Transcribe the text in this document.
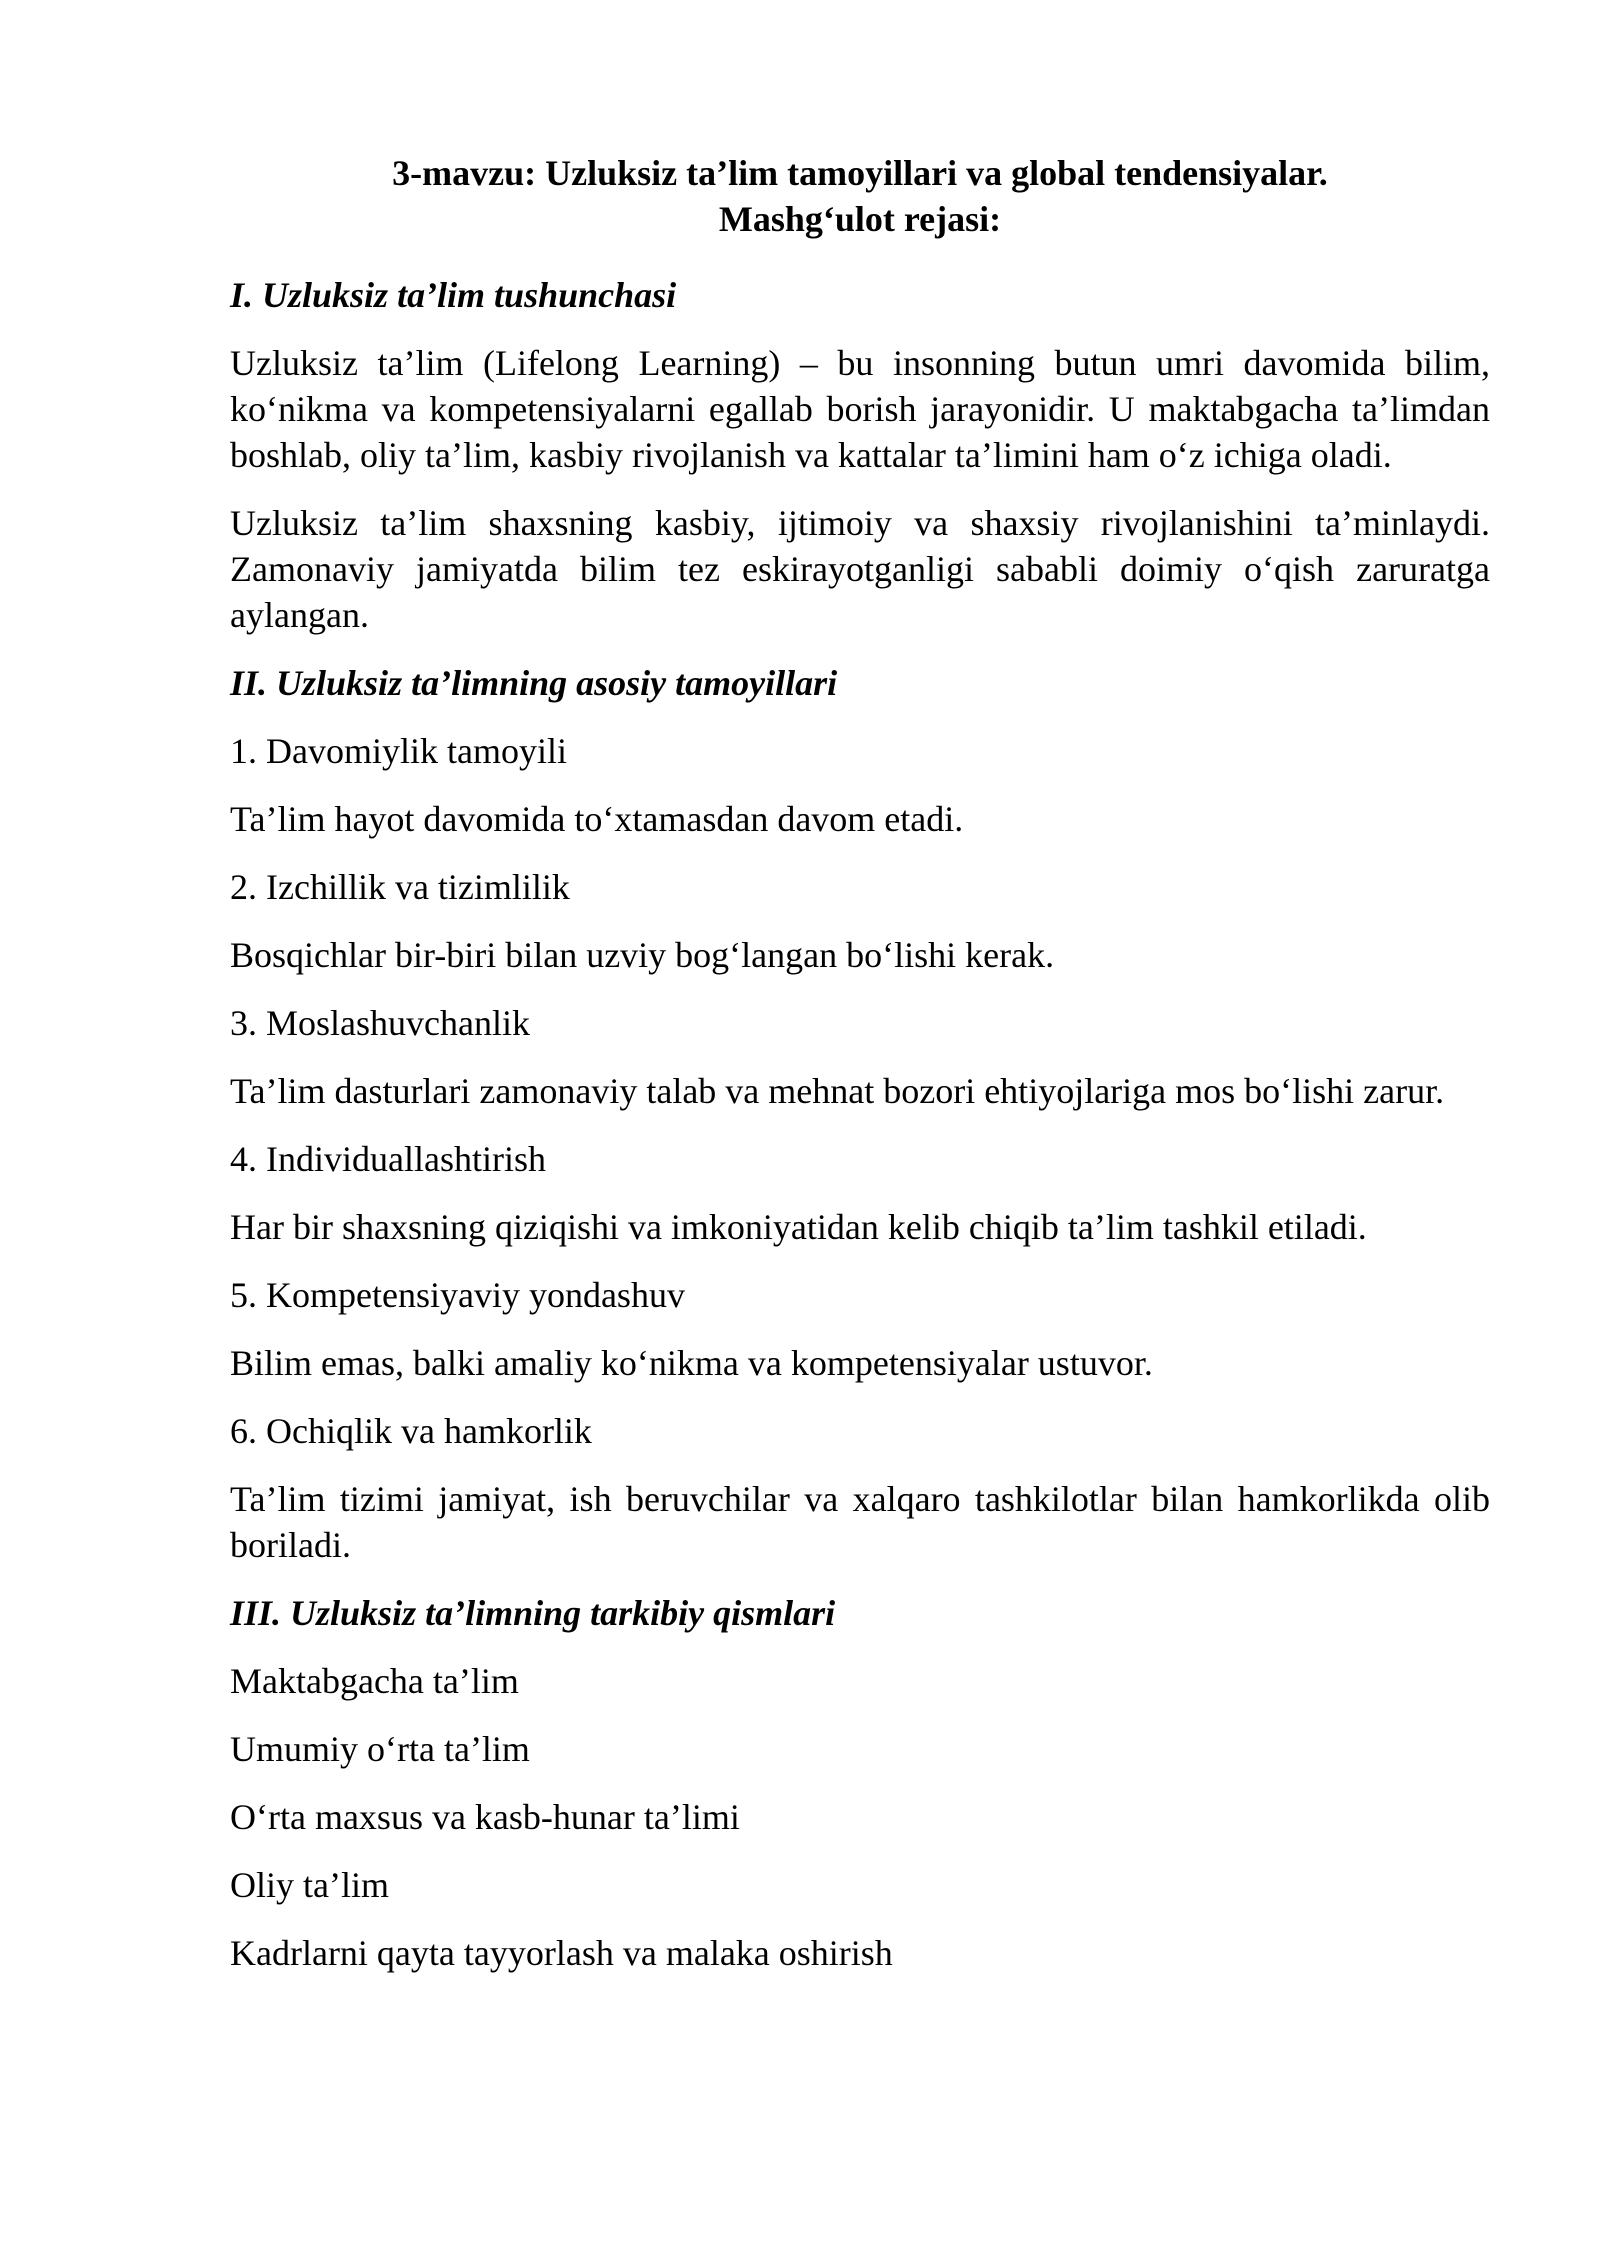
3-mavzu: Uzluksiz ta’lim tamoyillari va global tendensiyalar.

Mashg‘ulot rejasi:

I. Uzluksiz ta’lim tushunchasi

Uzluksiz ta’lim (Lifelong Learning) – bu insonning butun umri davomida bilim, ko‘nikma va kompetensiyalarni egallab borish jarayonidir. U maktabgacha ta’limdan boshlab, oliy ta’lim, kasbiy rivojlanish va kattalar ta’limini ham o‘z ichiga oladi.

Uzluksiz ta’lim shaxsning kasbiy, ijtimoiy va shaxsiy rivojlanishini ta’minlaydi. Zamonaviy jamiyatda bilim tez eskirayotganligi sababli doimiy o‘qish zaruratga aylangan.

II. Uzluksiz ta’limning asosiy tamoyillari

1. Davomiylik tamoyili

Ta’lim hayot davomida to‘xtamasdan davom etadi.

2. Izchillik va tizimlilik

Bosqichlar bir-biri bilan uzviy bog‘langan bo‘lishi kerak.

3. Moslashuvchanlik

Ta’lim dasturlari zamonaviy talab va mehnat bozori ehtiyojlariga mos bo‘lishi zarur.

4. Individuallashtirish

Har bir shaxsning qiziqishi va imkoniyatidan kelib chiqib ta’lim tashkil etiladi.

5. Kompetensiyaviy yondashuv

Bilim emas, balki amaliy ko‘nikma va kompetensiyalar ustuvor.

6. Ochiqlik va hamkorlik

Ta’lim tizimi jamiyat, ish beruvchilar va xalqaro tashkilotlar bilan hamkorlikda olib boriladi.

III. Uzluksiz ta’limning tarkibiy qismlari

Maktabgacha ta’lim

Umumiy o‘rta ta’lim

O‘rta maxsus va kasb-hunar ta’limi

Oliy ta’lim

Kadrlarni qayta tayyorlash va malaka oshirish
